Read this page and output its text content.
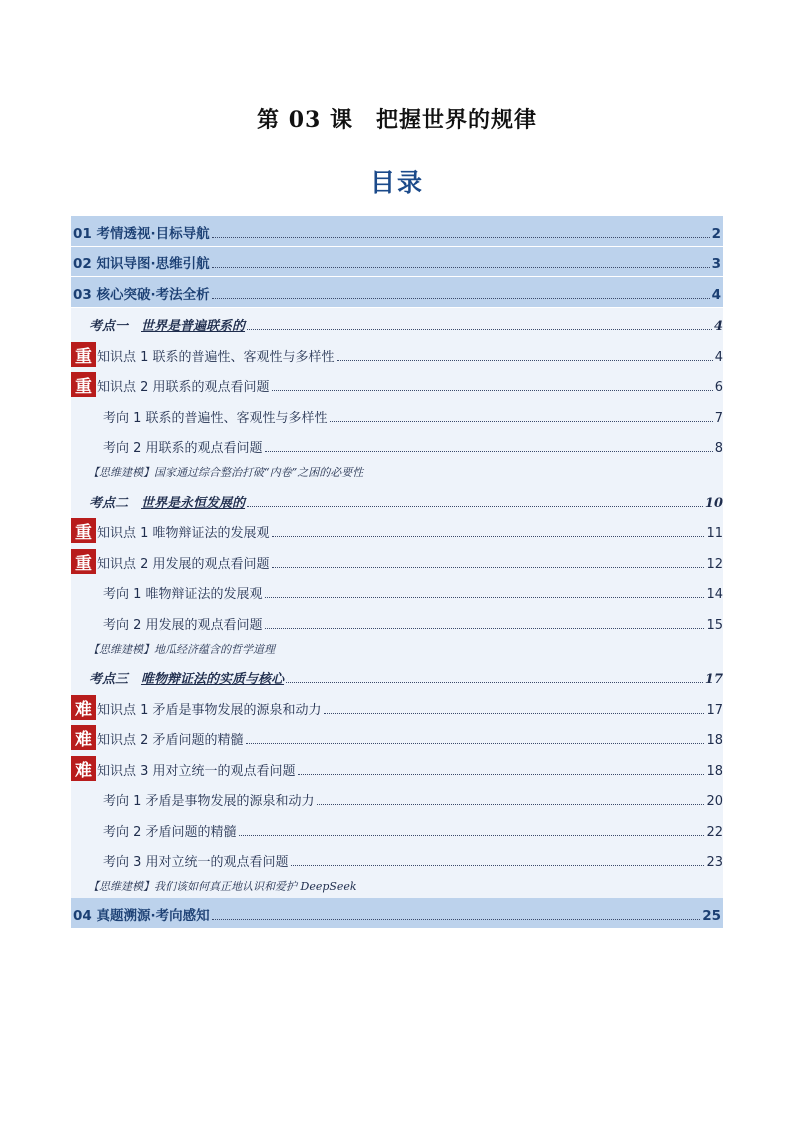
第 03 课　把握世界的规律
目录
01 考情透视·目标导航	2
02 知识导图·思维引航	3
03 核心突破·考法全析	4
考点一　世界是普遍联系的	4
重 知识点 1 联系的普遍性、客观性与多样性	4
重 知识点 2 用联系的观点看问题	6
考向 1 联系的普遍性、客观性与多样性	7
考向 2 用联系的观点看问题	8
【思维建模】国家通过综合整治打破“内卷”之困的必要性
考点二　世界是永恒发展的	10
重 知识点 1 唯物辩证法的发展观	11
重 知识点 2 用发展的观点看问题	12
考向 1 唯物辩证法的发展观	14
考向 2 用发展的观点看问题	15
【思维建模】地瓜经济蕴含的哲学道理
考点三　唯物辩证法的实质与核心	17
难 知识点 1 矛盾是事物发展的源泉和动力	17
难 知识点 2 矛盾问题的精髓	18
难 知识点 3 用对立统一的观点看问题	18
考向 1 矛盾是事物发展的源泉和动力	20
考向 2 矛盾问题的精髓	22
考向 3 用对立统一的观点看问题	23
【思维建模】我们该如何真正地认识和爱护 DeepSeek
04 真题溯源·考向感知	25
